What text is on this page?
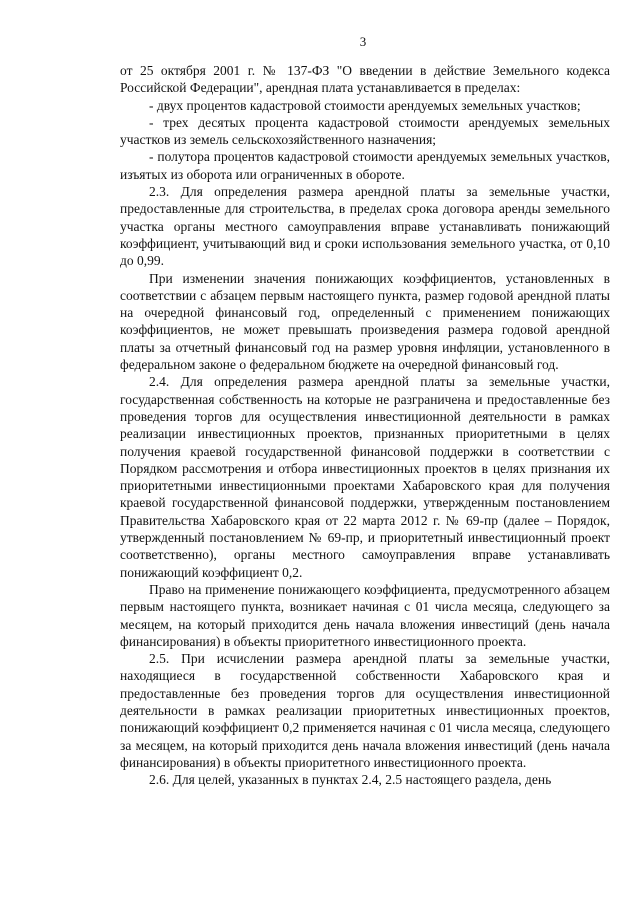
3

от 25 октября 2001 г. № 137-ФЗ "О введении в действие Земельного кодекса Российской Федерации", арендная плата устанавливается в пределах:

- двух процентов кадастровой стоимости арендуемых земельных участков;

- трех десятых процента кадастровой стоимости арендуемых земельных участков из земель сельскохозяйственного назначения;

- полутора процентов кадастровой стоимости арендуемых земельных участков, изъятых из оборота или ограниченных в обороте.

2.3. Для определения размера арендной платы за земельные участки, предоставленные для строительства, в пределах срока договора аренды земельного участка органы местного самоуправления вправе устанавливать понижающий коэффициент, учитывающий вид и сроки использования земельного участка, от 0,10 до 0,99.

При изменении значения понижающих коэффициентов, установленных в соответствии с абзацем первым настоящего пункта, размер годовой арендной платы на очередной финансовый год, определенный с применением понижающих коэффициентов, не может превышать произведения размера годовой арендной платы за отчетный финансовый год на размер уровня инфляции, установленного в федеральном законе о федеральном бюджете на очередной финансовый год.

2.4. Для определения размера арендной платы за земельные участки, государственная собственность на которые не разграничена и предоставленные без проведения торгов для осуществления инвестиционной деятельности в рамках реализации инвестиционных проектов, признанных приоритетными в целях получения краевой государственной финансовой поддержки в соответствии с Порядком рассмотрения и отбора инвестиционных проектов в целях признания их приоритетными инвестиционными проектами Хабаровского края для получения краевой государственной финансовой поддержки, утвержденным постановлением Правительства Хабаровского края от 22 марта 2012 г. № 69-пр (далее – Порядок, утвержденный постановлением № 69-пр, и приоритетный инвестиционный проект соответственно), органы местного самоуправления вправе устанавливать понижающий коэффициент 0,2.

Право на применение понижающего коэффициента, предусмотренного абзацем первым настоящего пункта, возникает начиная с 01 числа месяца, следующего за месяцем, на который приходится день начала вложения инвестиций (день начала финансирования) в объекты приоритетного инвестиционного проекта.

2.5. При исчислении размера арендной платы за земельные участки, находящиеся в государственной собственности Хабаровского края и предоставленные без проведения торгов для осуществления инвестиционной деятельности в рамках реализации приоритетных инвестиционных проектов, понижающий коэффициент 0,2 применяется начиная с 01 числа месяца, следующего за месяцем, на который приходится день начала вложения инвестиций (день начала финансирования) в объекты приоритетного инвестиционного проекта.

2.6. Для целей, указанных в пунктах 2.4, 2.5 настоящего раздела, день
